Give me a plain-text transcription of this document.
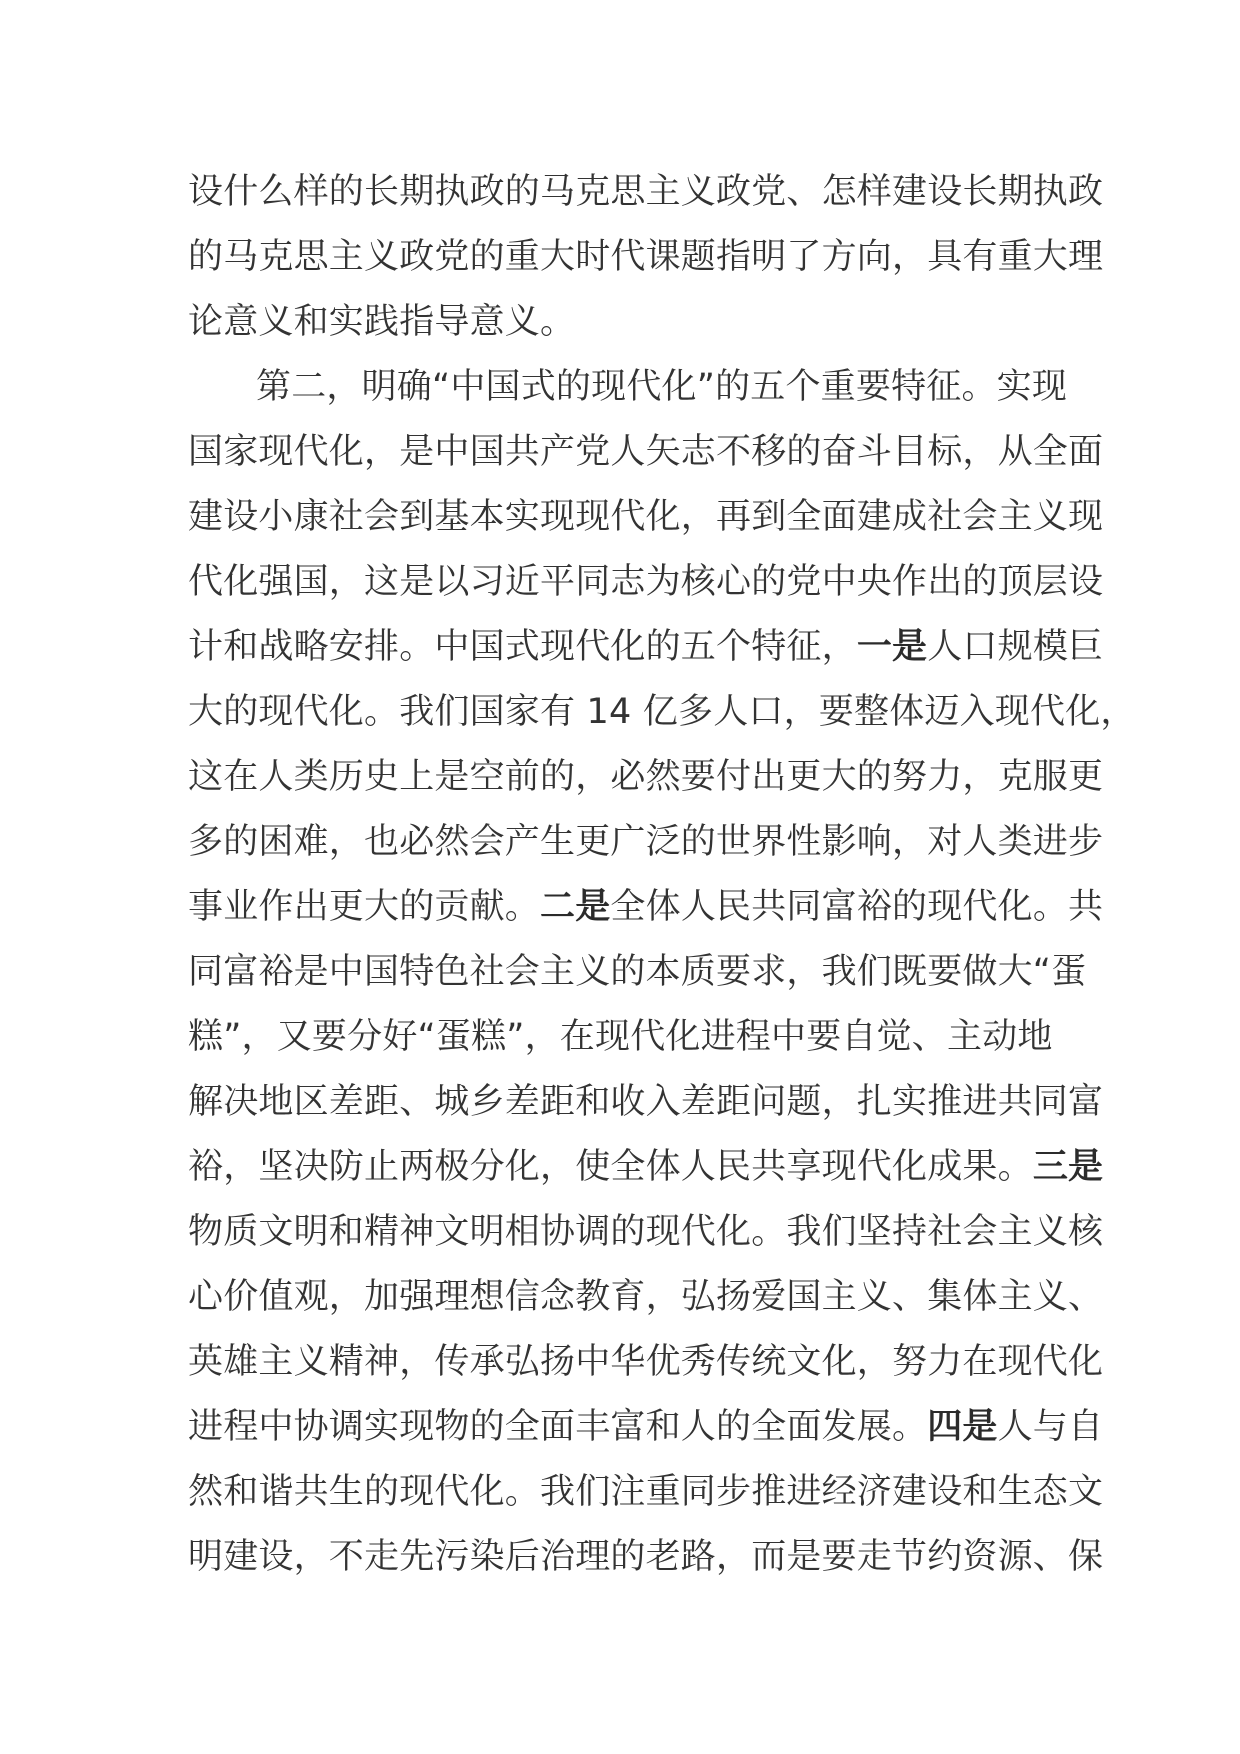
设什么样的长期执政的马克思主义政党、怎样建设长期执政
的马克思主义政党的重大时代课题指明了方向，具有重大理
论意义和实践指导意义。
第二，明确“中国式的现代化”的五个重要特征。实现
国家现代化，是中国共产党人矢志不移的奋斗目标，从全面
建设小康社会到基本实现现代化，再到全面建成社会主义现
代化强国，这是以习近平同志为核心的党中央作出的顶层设
计和战略安排。中国式现代化的五个特征，一是人口规模巨
大的现代化。我们国家有 14 亿多人口，要整体迈入现代化，
这在人类历史上是空前的，必然要付出更大的努力，克服更
多的困难，也必然会产生更广泛的世界性影响，对人类进步
事业作出更大的贡献。二是全体人民共同富裕的现代化。共
同富裕是中国特色社会主义的本质要求，我们既要做大“蛋
糕”，又要分好“蛋糕”，在现代化进程中要自觉、主动地
解决地区差距、城乡差距和收入差距问题，扎实推进共同富
裕，坚决防止两极分化，使全体人民共享现代化成果。三是
物质文明和精神文明相协调的现代化。我们坚持社会主义核
心价值观，加强理想信念教育，弘扬爱国主义、集体主义、
英雄主义精神，传承弘扬中华优秀传统文化，努力在现代化
进程中协调实现物的全面丰富和人的全面发展。四是人与自
然和谐共生的现代化。我们注重同步推进经济建设和生态文
明建设，不走先污染后治理的老路，而是要走节约资源、保
